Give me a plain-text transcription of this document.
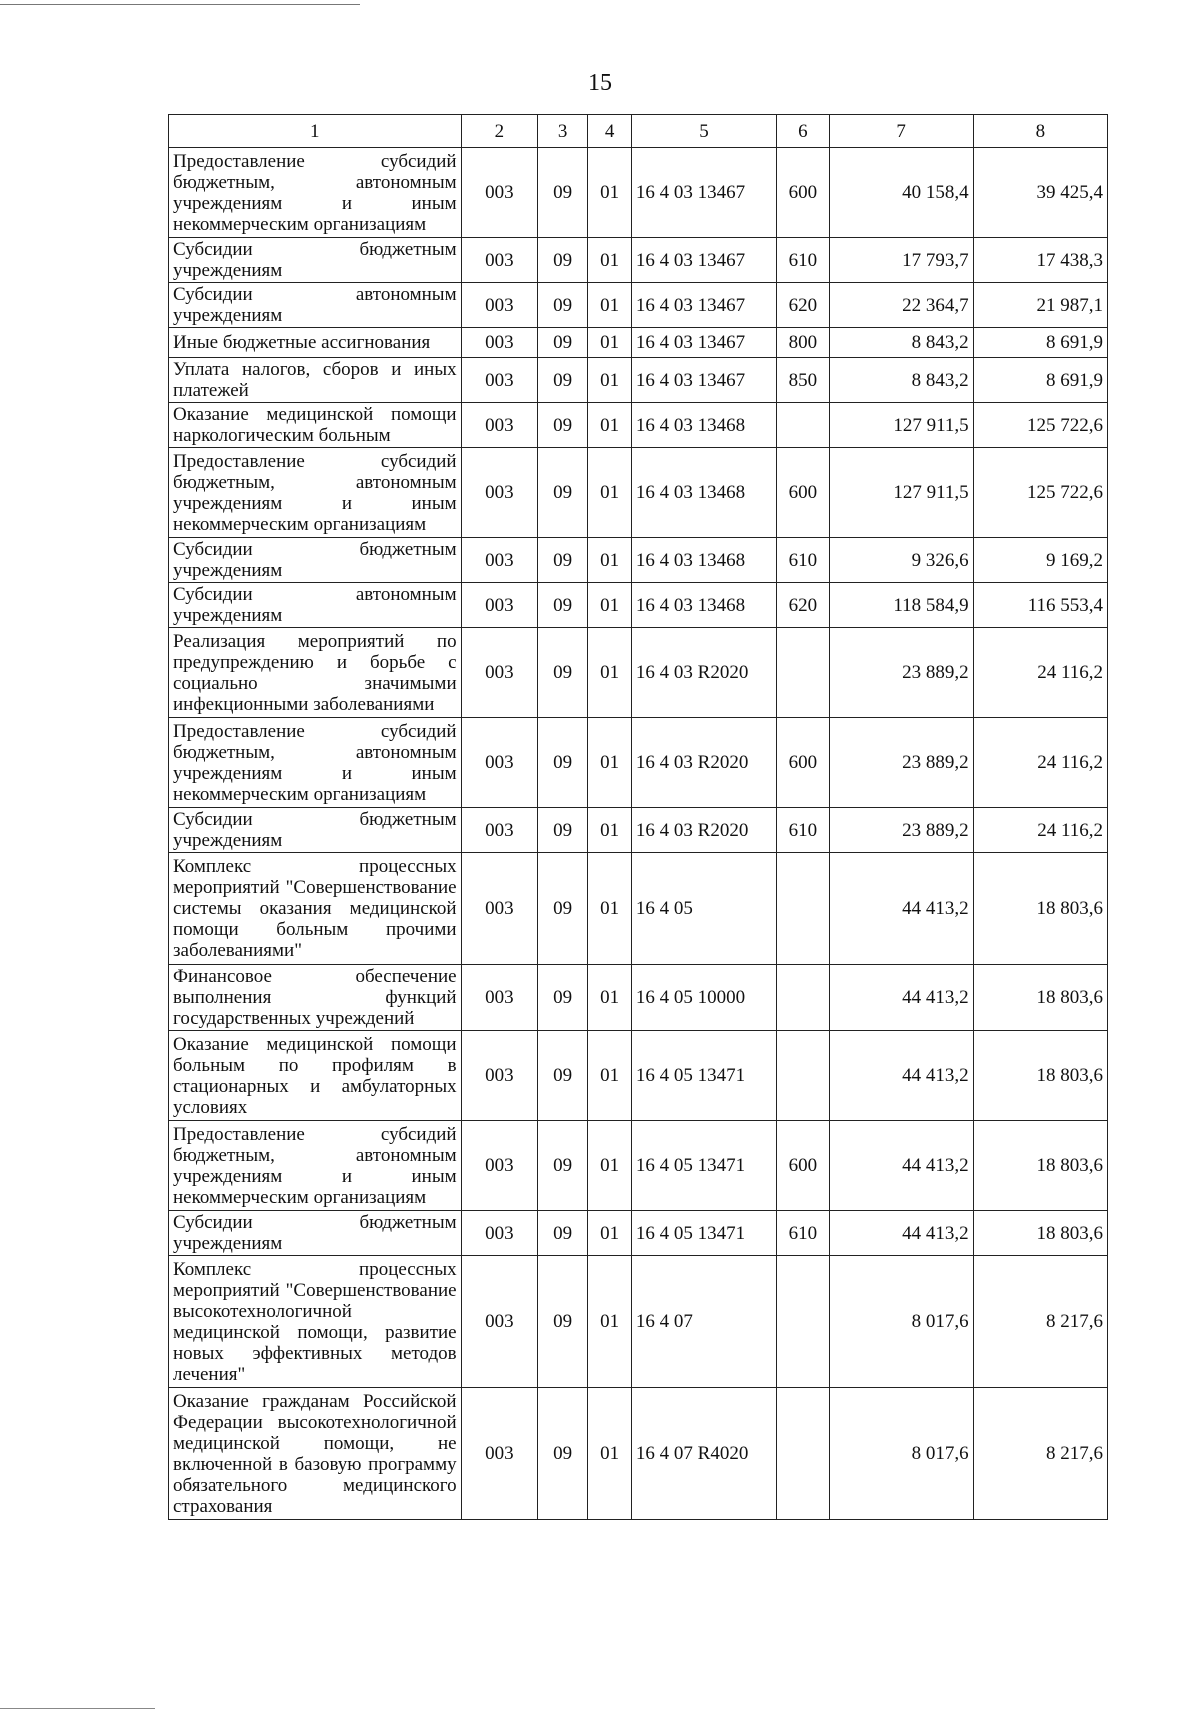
15
1	2	3	4	5	6	7	8
Предоставление субсидий бюджетным, автономным учреждениям и иным некоммерческим организациям	003	09	01	16 4 03 13467	600	40 158,4	39 425,4
Субсидии бюджетным учреждениям	003	09	01	16 4 03 13467	610	17 793,7	17 438,3
Субсидии автономным учреждениям	003	09	01	16 4 03 13467	620	22 364,7	21 987,1
Иные бюджетные ассигнования	003	09	01	16 4 03 13467	800	8 843,2	8 691,9
Уплата налогов, сборов и иных платежей	003	09	01	16 4 03 13467	850	8 843,2	8 691,9
Оказание медицинской помощи наркологическим больным	003	09	01	16 4 03 13468		127 911,5	125 722,6
Предоставление субсидий бюджетным, автономным учреждениям и иным некоммерческим организациям	003	09	01	16 4 03 13468	600	127 911,5	125 722,6
Субсидии бюджетным учреждениям	003	09	01	16 4 03 13468	610	9 326,6	9 169,2
Субсидии автономным учреждениям	003	09	01	16 4 03 13468	620	118 584,9	116 553,4
Реализация мероприятий по предупреждению и борьбе с социально значимыми инфекционными заболеваниями	003	09	01	16 4 03 R2020		23 889,2	24 116,2
Предоставление субсидий бюджетным, автономным учреждениям и иным некоммерческим организациям	003	09	01	16 4 03 R2020	600	23 889,2	24 116,2
Субсидии бюджетным учреждениям	003	09	01	16 4 03 R2020	610	23 889,2	24 116,2
Комплекс процессных мероприятий "Совершенствование системы оказания медицинской помощи больным прочими заболеваниями"	003	09	01	16 4 05		44 413,2	18 803,6
Финансовое обеспечение выполнения функций государственных учреждений	003	09	01	16 4 05 10000		44 413,2	18 803,6
Оказание медицинской помощи больным по профилям в стационарных и амбулаторных условиях	003	09	01	16 4 05 13471		44 413,2	18 803,6
Предоставление субсидий бюджетным, автономным учреждениям и иным некоммерческим организациям	003	09	01	16 4 05 13471	600	44 413,2	18 803,6
Субсидии бюджетным учреждениям	003	09	01	16 4 05 13471	610	44 413,2	18 803,6
Комплекс процессных мероприятий "Совершенствование высокотехнологичной медицинской помощи, развитие новых эффективных методов лечения"	003	09	01	16 4 07		8 017,6	8 217,6
Оказание гражданам Российской Федерации высокотехнологичной медицинской помощи, не включенной в базовую программу обязательного медицинского страхования	003	09	01	16 4 07 R4020		8 017,6	8 217,6
